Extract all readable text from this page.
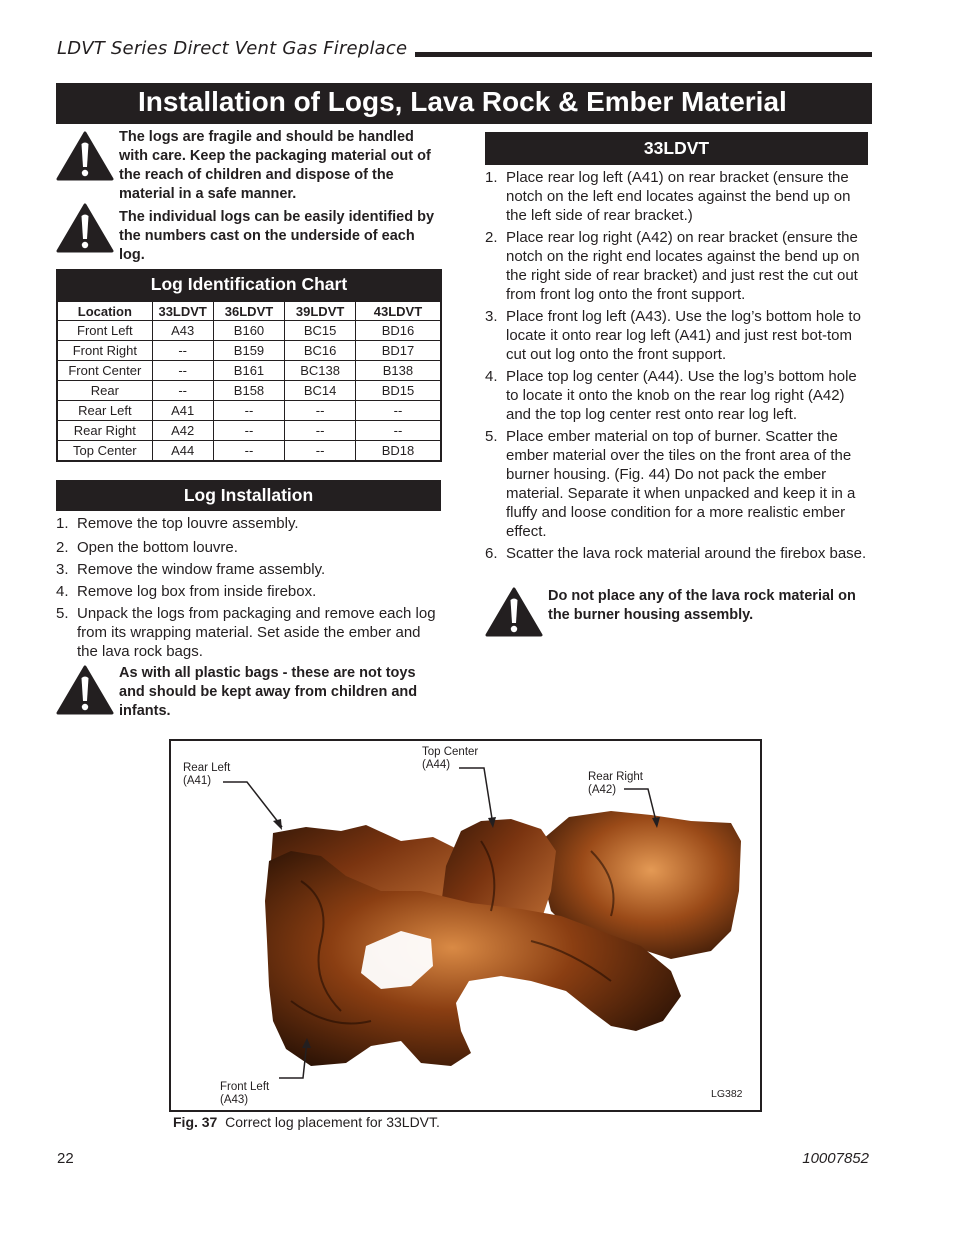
LDVT Series Direct Vent Gas Fireplace
Installation of Logs, Lava Rock & Ember Material
The logs are fragile and should be handled with care. Keep the packaging material out of the reach of children and dispose of the material in a safe manner.
The individual logs can be easily identified by the numbers cast on the underside of each log.
Log Identification Chart
Location	33LDVT	36LDVT	39LDVT	43LDVT
Front Left	A43	B160	BC15	BD16
Front Right	--	B159	BC16	BD17
Front Center	--	B161	BC138	B138
Rear	--	B158	BC14	BD15
Rear Left	A41	--	--	--
Rear Right	A42	--	--	--
Top Center	A44	--	--	BD18
Log Installation
1. Remove the top louvre assembly.
2. Open the bottom louvre.
3. Remove the window frame assembly.
4. Remove log box from inside firebox.
5. Unpack the logs from packaging and remove each log from its wrapping material. Set aside the ember and the lava rock bags.
As with all plastic bags - these are not toys and should be kept away from children and infants.
33LDVT
1. Place rear log left (A41) on rear bracket (ensure the notch on the left end locates against the bend up on the left side of rear bracket.)
2. Place rear log right (A42) on rear bracket (ensure the notch on the right end locates against the bend up on the right side of rear bracket) and just rest the cut out from front log onto the front support.
3. Place front log left (A43). Use the log’s bottom hole to locate it onto rear log left (A41) and just rest bot-tom cut out log onto the front support.
4. Place top log center (A44). Use the log’s bottom hole to locate it onto the knob on the rear log right (A42) and the top log center rest onto rear log left.
5. Place ember material on top of burner. Scatter the ember material over the tiles on the front area of the burner housing. (Fig. 44) Do not pack the ember material. Separate it when unpacked and keep it in a fluffy and loose condition for a more realistic ember effect.
6. Scatter the lava rock material around the firebox base.
Do not place any of the lava rock material on the burner housing assembly.
Rear Left
(A41)
Top Center
(A44)
Rear Right
(A42)
Front Left
(A43)	LG382
Fig. 37 Correct log placement for 33LDVT.
22	10007852
